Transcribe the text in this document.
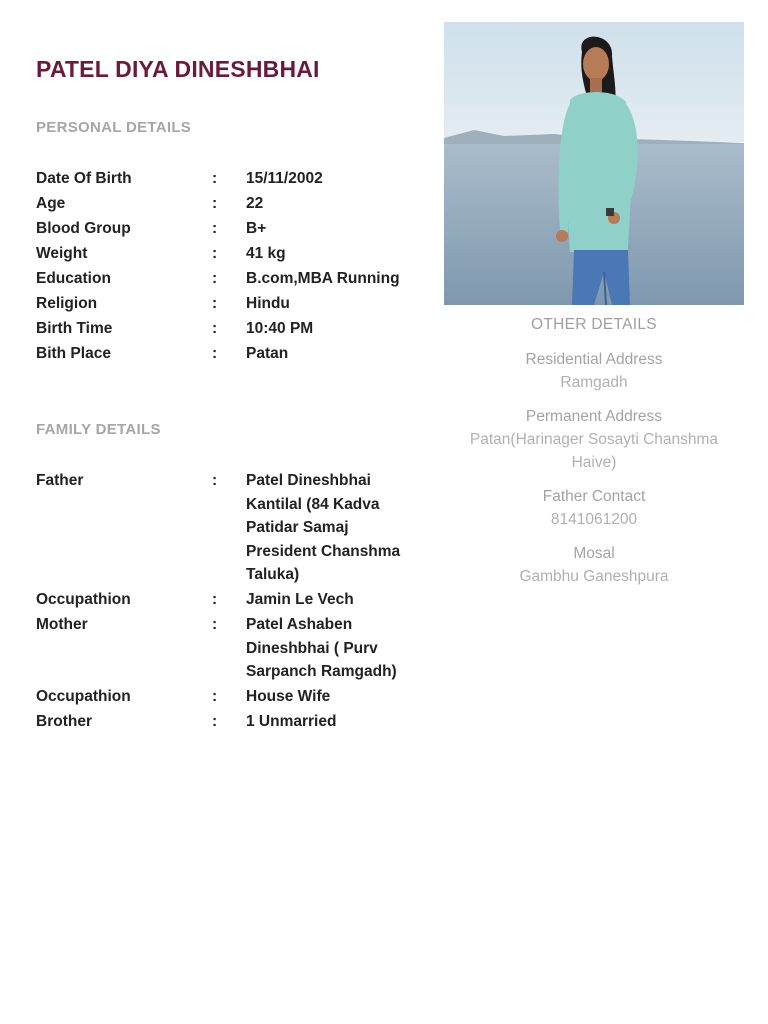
PATEL DIYA DINESHBHAI
PERSONAL DETAILS
Date Of Birth	:	15/11/2002
Age	:	22
Blood Group	:	B+
Weight	:	41 kg
Education	:	B.com,MBA Running
Religion	:	Hindu
Birth Time	:	10:40 PM
Bith Place	:	Patan
FAMILY DETAILS
Father	:	Patel Dineshbhai Kantilal (84 Kadva Patidar Samaj President Chanshma Taluka)
Occupathion	:	Jamin Le Vech
Mother	:	Patel Ashaben Dineshbhai ( Purv Sarpanch Ramgadh)
Occupathion	:	House Wife
Brother	:	1 Unmarried
OTHER DETAILS
Residential Address
Ramgadh
Permanent Address
Patan(Harinager Sosayti Chanshma Haive)
Father Contact
8141061200
Mosal
Gambhu Ganeshpura
